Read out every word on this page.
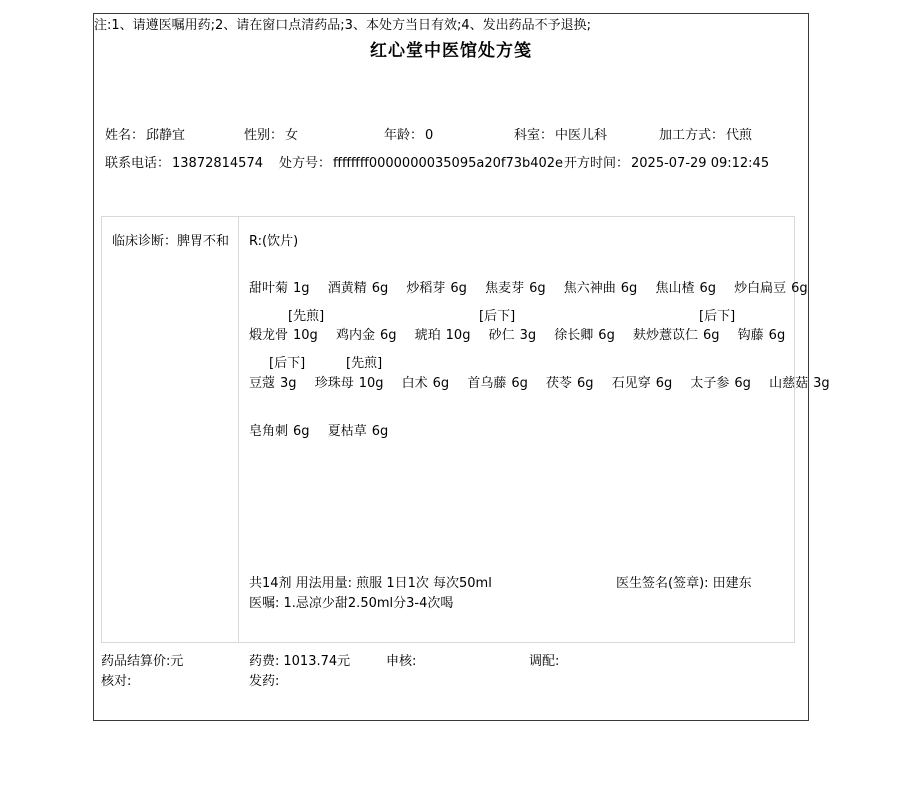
红心堂中医馆处方笺
姓名： 邱静宜	性别： 女	年龄： 0	科室： 中医儿科	加工方式： 代煎
联系电话： 13872814574 处方号： ffffffff0000000035095a20f73b402e 开方时间： 2025-07-29 09:12:45
临床诊断：脾胃不和 R:(饮片)
甜叶菊 1g 酒黄精 6g 炒稻芽 6g 焦麦芽 6g 焦六神曲 6g 焦山楂 6g 炒白扁豆 6g
[先煎]	[后下]	[后下]
煅龙骨 10g 鸡内金 6g 琥珀 10g 砂仁 3g 徐长卿 6g 麸炒薏苡仁 6g 钩藤 6g
[后下]	[先煎]
豆蔻 3g 珍珠母 10g 白术 6g 首乌藤 6g 茯苓 6g 石见穿 6g 太子参 6g 山慈菇 3g
皂角刺 6g 夏枯草 6g
共14剂 用法用量: 煎服 1日1次 每次50ml	医生签名(签章): 田建东
医嘱: 1.忌凉少甜2.50ml分3-4次喝
药品结算价:元	药费: 1013.74元	申核:	调配:
核对:	发药:
注:1、请遵医嘱用药;2、请在窗口点清药品;3、本处方当日有效;4、发出药品不予退换;
